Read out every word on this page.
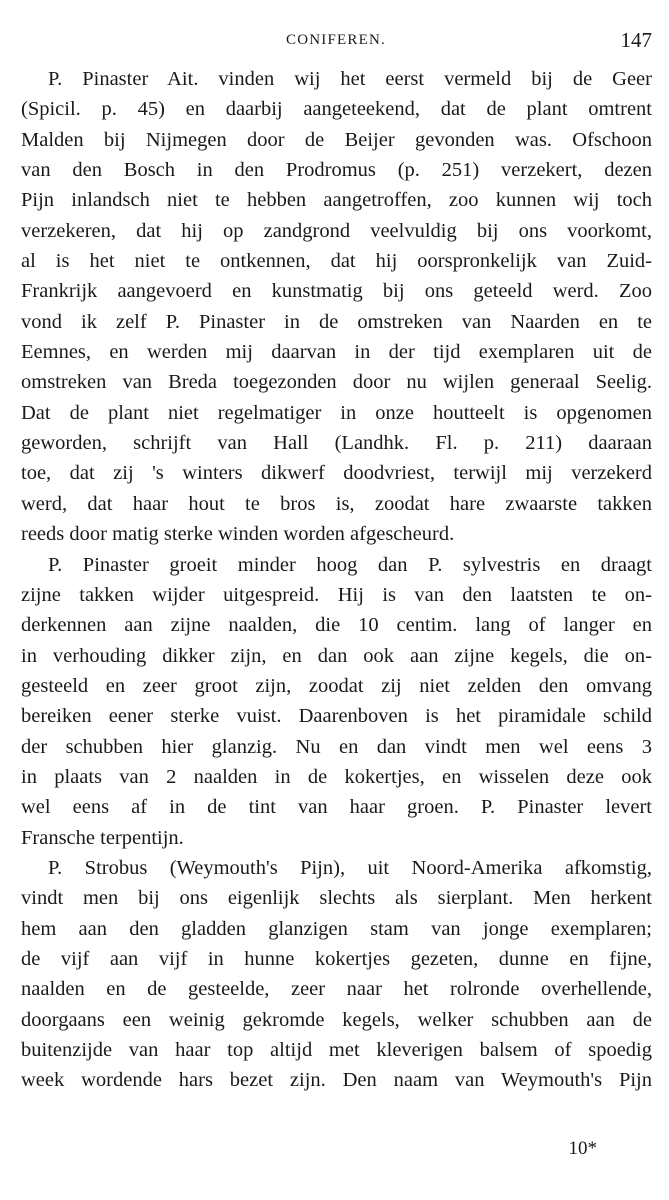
CONIFEREN.	147
P. Pinaster Ait. vinden wij het eerst vermeld bij de Geer
(Spicil. p. 45) en daarbij aangeteekend, dat de plant omtrent
Malden bij Nijmegen door de Beijer gevonden was. Ofschoon
van den Bosch in den Prodromus (p. 251) verzekert, dezen
Pijn inlandsch niet te hebben aangetroffen, zoo kunnen wij toch
verzekeren, dat hij op zandgrond veelvuldig bij ons voorkomt,
al is het niet te ontkennen, dat hij oorspronkelijk van Zuid-
Frankrijk aangevoerd en kunstmatig bij ons geteeld werd. Zoo
vond ik zelf P. Pinaster in de omstreken van Naarden en te
Eemnes, en werden mij daarvan in der tijd exemplaren uit de
omstreken van Breda toegezonden door nu wijlen generaal Seelig.
Dat de plant niet regelmatiger in onze houtteelt is opgenomen
geworden, schrijft van Hall (Landhk. Fl. p. 211) daaraan
toe, dat zij 's winters dikwerf doodvriest, terwijl mij verzekerd
werd, dat haar hout te bros is, zoodat hare zwaarste takken
reeds door matig sterke winden worden afgescheurd.
P. Pinaster groeit minder hoog dan P. sylvestris en draagt
zijne takken wijder uitgespreid. Hij is van den laatsten te on-
derkennen aan zijne naalden, die 10 centim. lang of langer en
in verhouding dikker zijn, en dan ook aan zijne kegels, die on-
gesteeld en zeer groot zijn, zoodat zij niet zelden den omvang
bereiken eener sterke vuist. Daarenboven is het piramidale schild
der schubben hier glanzig. Nu en dan vindt men wel eens 3
in plaats van 2 naalden in de kokertjes, en wisselen deze ook
wel eens af in de tint van haar groen. P. Pinaster levert
Fransche terpentijn.
P. Strobus (Weymouth's Pijn), uit Noord-Amerika afkomstig,
vindt men bij ons eigenlijk slechts als sierplant. Men herkent
hem aan den gladden glanzigen stam van jonge exemplaren;
de vijf aan vijf in hunne kokertjes gezeten, dunne en fijne,
naalden en de gesteelde, zeer naar het rolronde overhellende,
doorgaans een weinig gekromde kegels, welker schubben aan de
buitenzijde van haar top altijd met kleverigen balsem of spoedig
week wordende hars bezet zijn. Den naam van Weymouth's Pijn
10*
